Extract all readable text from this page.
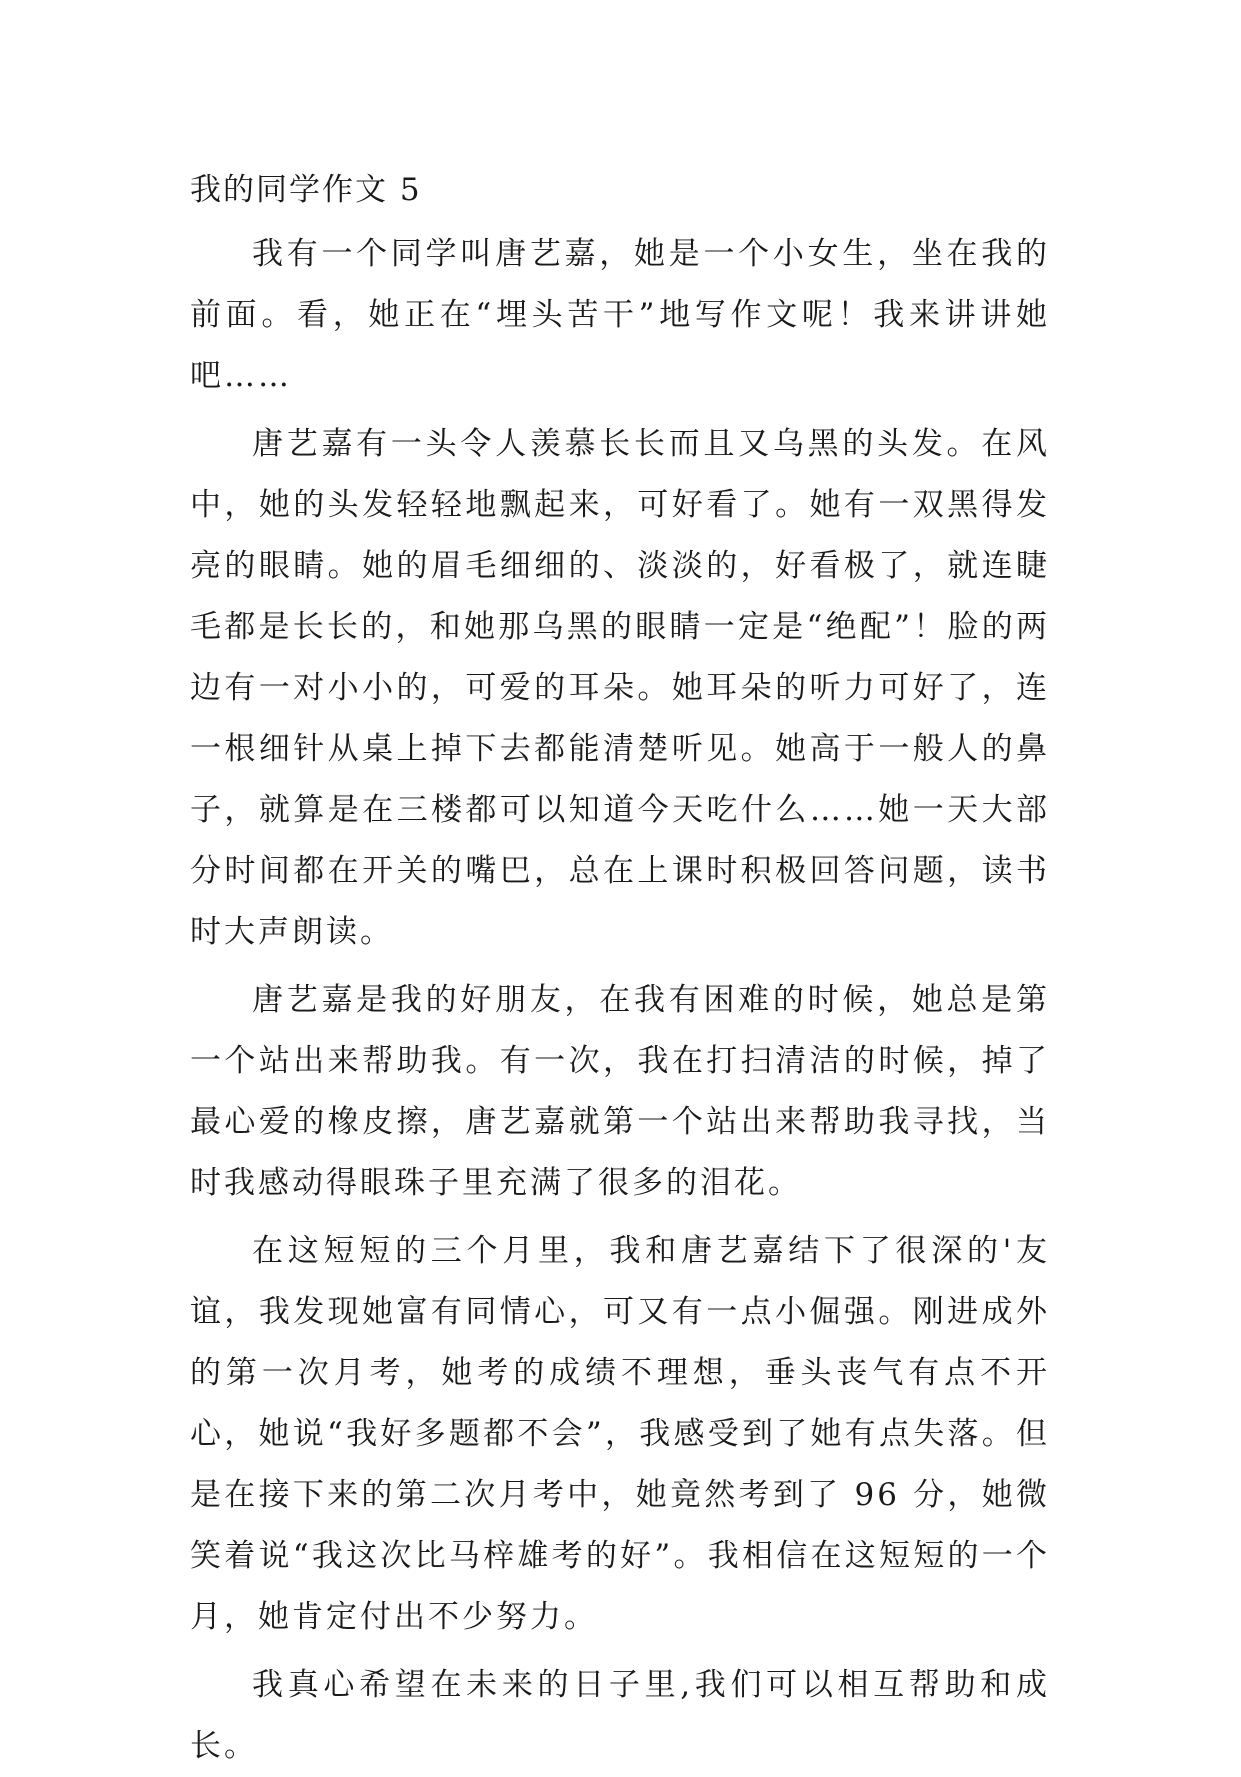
我的同学作文 5

我有一个同学叫唐艺嘉，她是一个小女生，坐在我的前面。看，她正在“埋头苦干”地写作文呢！我来讲讲她吧……

唐艺嘉有一头令人羡慕长长而且又乌黑的头发。在风中，她的头发轻轻地飘起来，可好看了。她有一双黑得发亮的眼睛。她的眉毛细细的、淡淡的，好看极了，就连睫毛都是长长的，和她那乌黑的眼睛一定是“绝配”！脸的两边有一对小小的，可爱的耳朵。她耳朵的听力可好了，连一根细针从桌上掉下去都能清楚听见。她高于一般人的鼻子，就算是在三楼都可以知道今天吃什么……她一天大部分时间都在开关的嘴巴，总在上课时积极回答问题，读书时大声朗读。

唐艺嘉是我的好朋友，在我有困难的时候，她总是第一个站出来帮助我。有一次，我在打扫清洁的时候，掉了最心爱的橡皮擦，唐艺嘉就第一个站出来帮助我寻找，当时我感动得眼珠子里充满了很多的泪花。

在这短短的三个月里，我和唐艺嘉结下了很深的'友谊，我发现她富有同情心，可又有一点小倔强。刚进成外的第一次月考，她考的成绩不理想，垂头丧气有点不开心，她说“我好多题都不会”，我感受到了她有点失落。但是在接下来的第二次月考中，她竟然考到了 96 分，她微笑着说“我这次比马梓雄考的好”。我相信在这短短的一个月，她肯定付出不少努力。

我真心希望在未来的日子里,我们可以相互帮助和成长。
